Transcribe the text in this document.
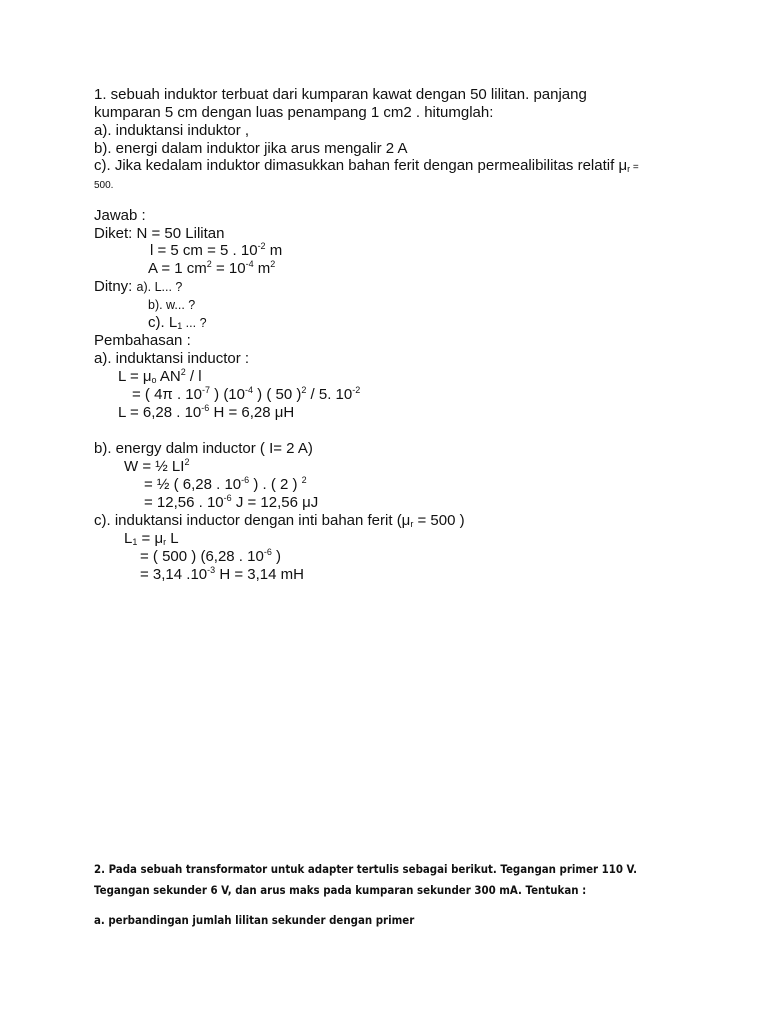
1. sebuah induktor terbuat dari kumparan kawat dengan 50 lilitan. panjang
kumparan 5 cm dengan luas penampang 1 cm2 . hitumglah:
a). induktansi induktor ,
b). energi dalam induktor jika arus mengalir 2 A
c). Jika kedalam induktor dimasukkan bahan ferit dengan permealibilitas relatif $\mu_r$ =
500.
Jawab :
Diket: N = 50 Lilitan
l = 5 cm = 5 . $10^{-2}$ m
A = 1 $cm^2 = 10^{-4}$ $m^2$
Ditny: a). L... ?
b). w... ?
c). $L_1$ ... ?
Pembahasan :
a). induktansi inductor :
$L = \mu_o$ $AN^2$ / l
= ( 4π . $10^{-7}$ ) ($10^{-4}$ ) ( 50 )$^2$ / 5. $10^{-2}$
L = 6,28 . $10^{-6}$ H = 6,28 μH
b). energy dalm inductor ( I= 2 A)
W = ½ $LI^2$
= ½ ( 6,28 . $10^{-6}$ ) . ( 2 ) $^2$
= 12,56 . $10^{-6}$ J = 12,56 μJ
c). induktansi inductor dengan inti bahan ferit ($\mu_r = 500$ )
$L_1 = \mu_r$ L
= ( 500 ) (6,28 . $10^{-6}$ )
= 3,14 $.10^{-3}$ H = 3,14 mH
2. Pada sebuah transformator untuk adapter tertulis sebagai berikut. Tegangan primer 110 V.
Tegangan sekunder 6 V, dan arus maks pada kumparan sekunder 300 mA. Tentukan :
a. perbandingan jumlah lilitan sekunder dengan primer
